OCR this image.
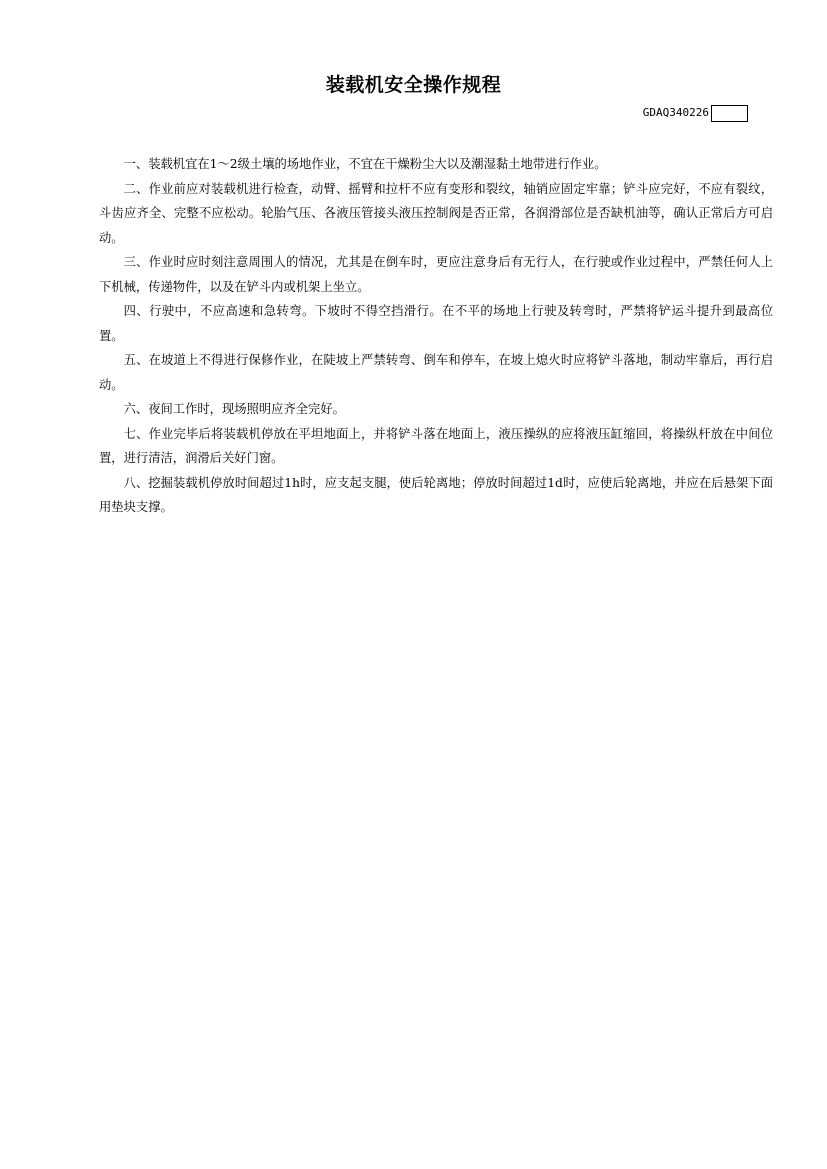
装载机安全操作规程
GDAQ340226

一、装载机宜在1～2级土壤的场地作业，不宜在干燥粉尘大以及潮湿黏土地带进行作业。

二、作业前应对装载机进行检查，动臂、摇臂和拉杆不应有变形和裂纹，轴销应固定牢靠；铲斗应完好，不应有裂纹，斗齿应齐全、完整不应松动。轮胎气压、各液压管接头液压控制阀是否正常，各润滑部位是否缺机油等，确认正常后方可启动。

三、作业时应时刻注意周围人的情况，尤其是在倒车时，更应注意身后有无行人，在行驶或作业过程中，严禁任何人上下机械，传递物件，以及在铲斗内或机架上坐立。

四、行驶中，不应高速和急转弯。下坡时不得空挡滑行。在不平的场地上行驶及转弯时，严禁将铲运斗提升到最高位置。

五、在坡道上不得进行保修作业，在陡坡上严禁转弯、倒车和停车，在坡上熄火时应将铲斗落地，制动牢靠后，再行启动。

六、夜间工作时，现场照明应齐全完好。

七、作业完毕后将装载机停放在平坦地面上，并将铲斗落在地面上，液压操纵的应将液压缸缩回，将操纵杆放在中间位置，进行清洁，润滑后关好门窗。

八、挖掘装载机停放时间超过1h时，应支起支腿，使后轮离地；停放时间超过1d时，应使后轮离地，并应在后悬架下面用垫块支撑。
